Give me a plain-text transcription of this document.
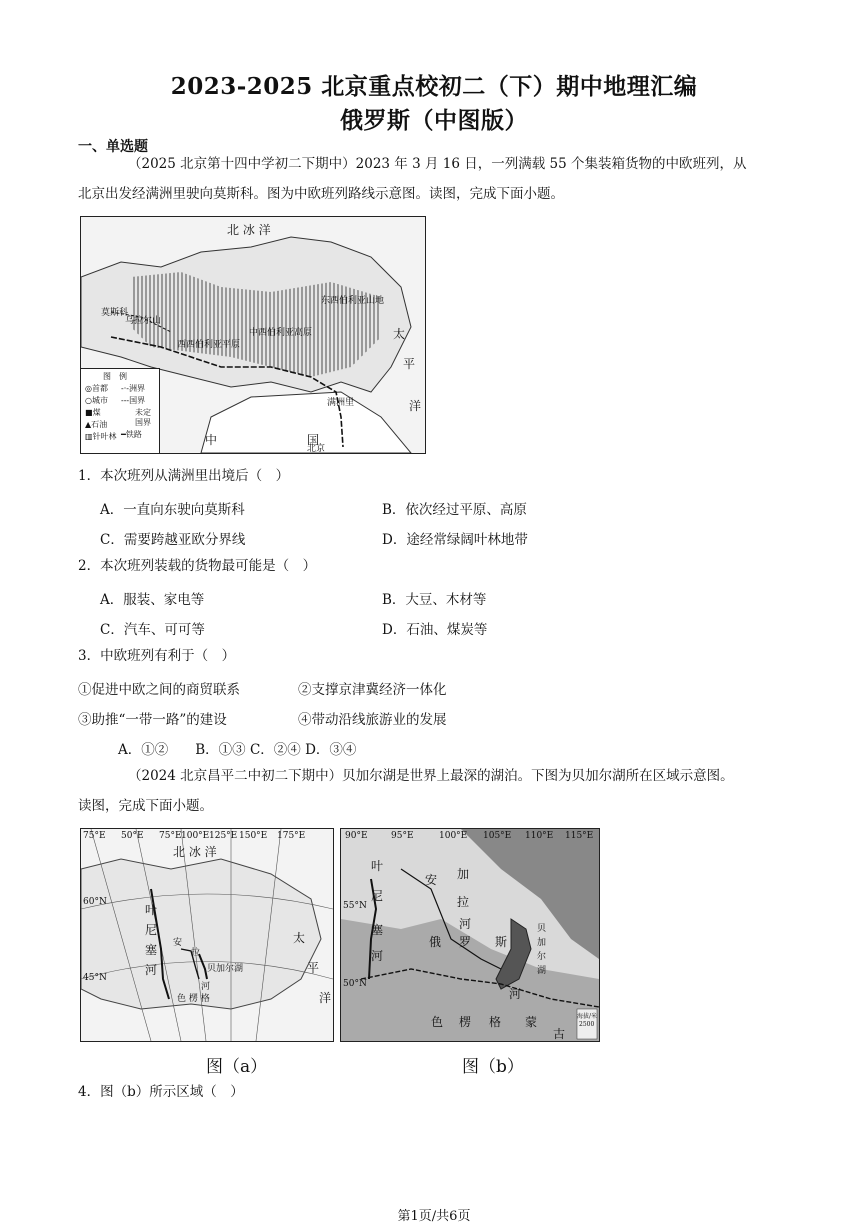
2023-2025 北京重点校初二（下）期中地理汇编
俄罗斯（中图版）
一、单选题
（2025 北京第十四中学初二下期中）2023 年 3 月 16 日，一列满载 55 个集装箱货物的中欧班列，从
北京出发经满洲里驶向莫斯科。图为中欧班列路线示意图。读图，完成下面小题。
北 冰 洋
太
平
洋
中	国
莫斯科
满洲里
北京
乌拉尔山
西西伯利亚平原
中西伯利亚高原
东西伯利亚山地
图　例
◎首都
○城市
■煤
▲石油
▥针叶林
-·-洲界
---国界
未定
国界
━铁路
1．本次班列从满洲里出境后（　）
A．一直向东驶向莫斯科	B．依次经过平原、高原
C．需要跨越亚欧分界线	D．途经常绿阔叶林地带
2．本次班列装载的货物最可能是（　）
A．服装、家电等	B．大豆、木材等
C．汽车、可可等	D．石油、煤炭等
3．中欧班列有利于（　）
①促进中欧之间的商贸联系	②支撑京津冀经济一体化
③助推“一带一路”的建设	④带动沿线旅游业的发展
A．①②　　B．①③ C．②④ D．③④
（2024 北京昌平二中初二下期中）贝加尔湖是世界上最深的湖泊。下图为贝加尔湖所在区域示意图。
读图，完成下面小题。
75°E 50°E 75°E 100°E 125°E 150°E 175°E
60°N
45°N
北 冰 洋
太
平
洋
叶
尼
塞
河
安
拉
河
色 楞 格
贝加尔湖
90°E	95°E	100°E 105°E 110°E 115°E
55°N
50°N
叶
尼
塞
河
安 加
拉
俄 罗 斯
河	贝
加
尔
湖
河
色 楞 格 蒙
古
海拔/米
2500
图（a）	图（b）
4．图（b）所示区域（　）
第1页/共6页
